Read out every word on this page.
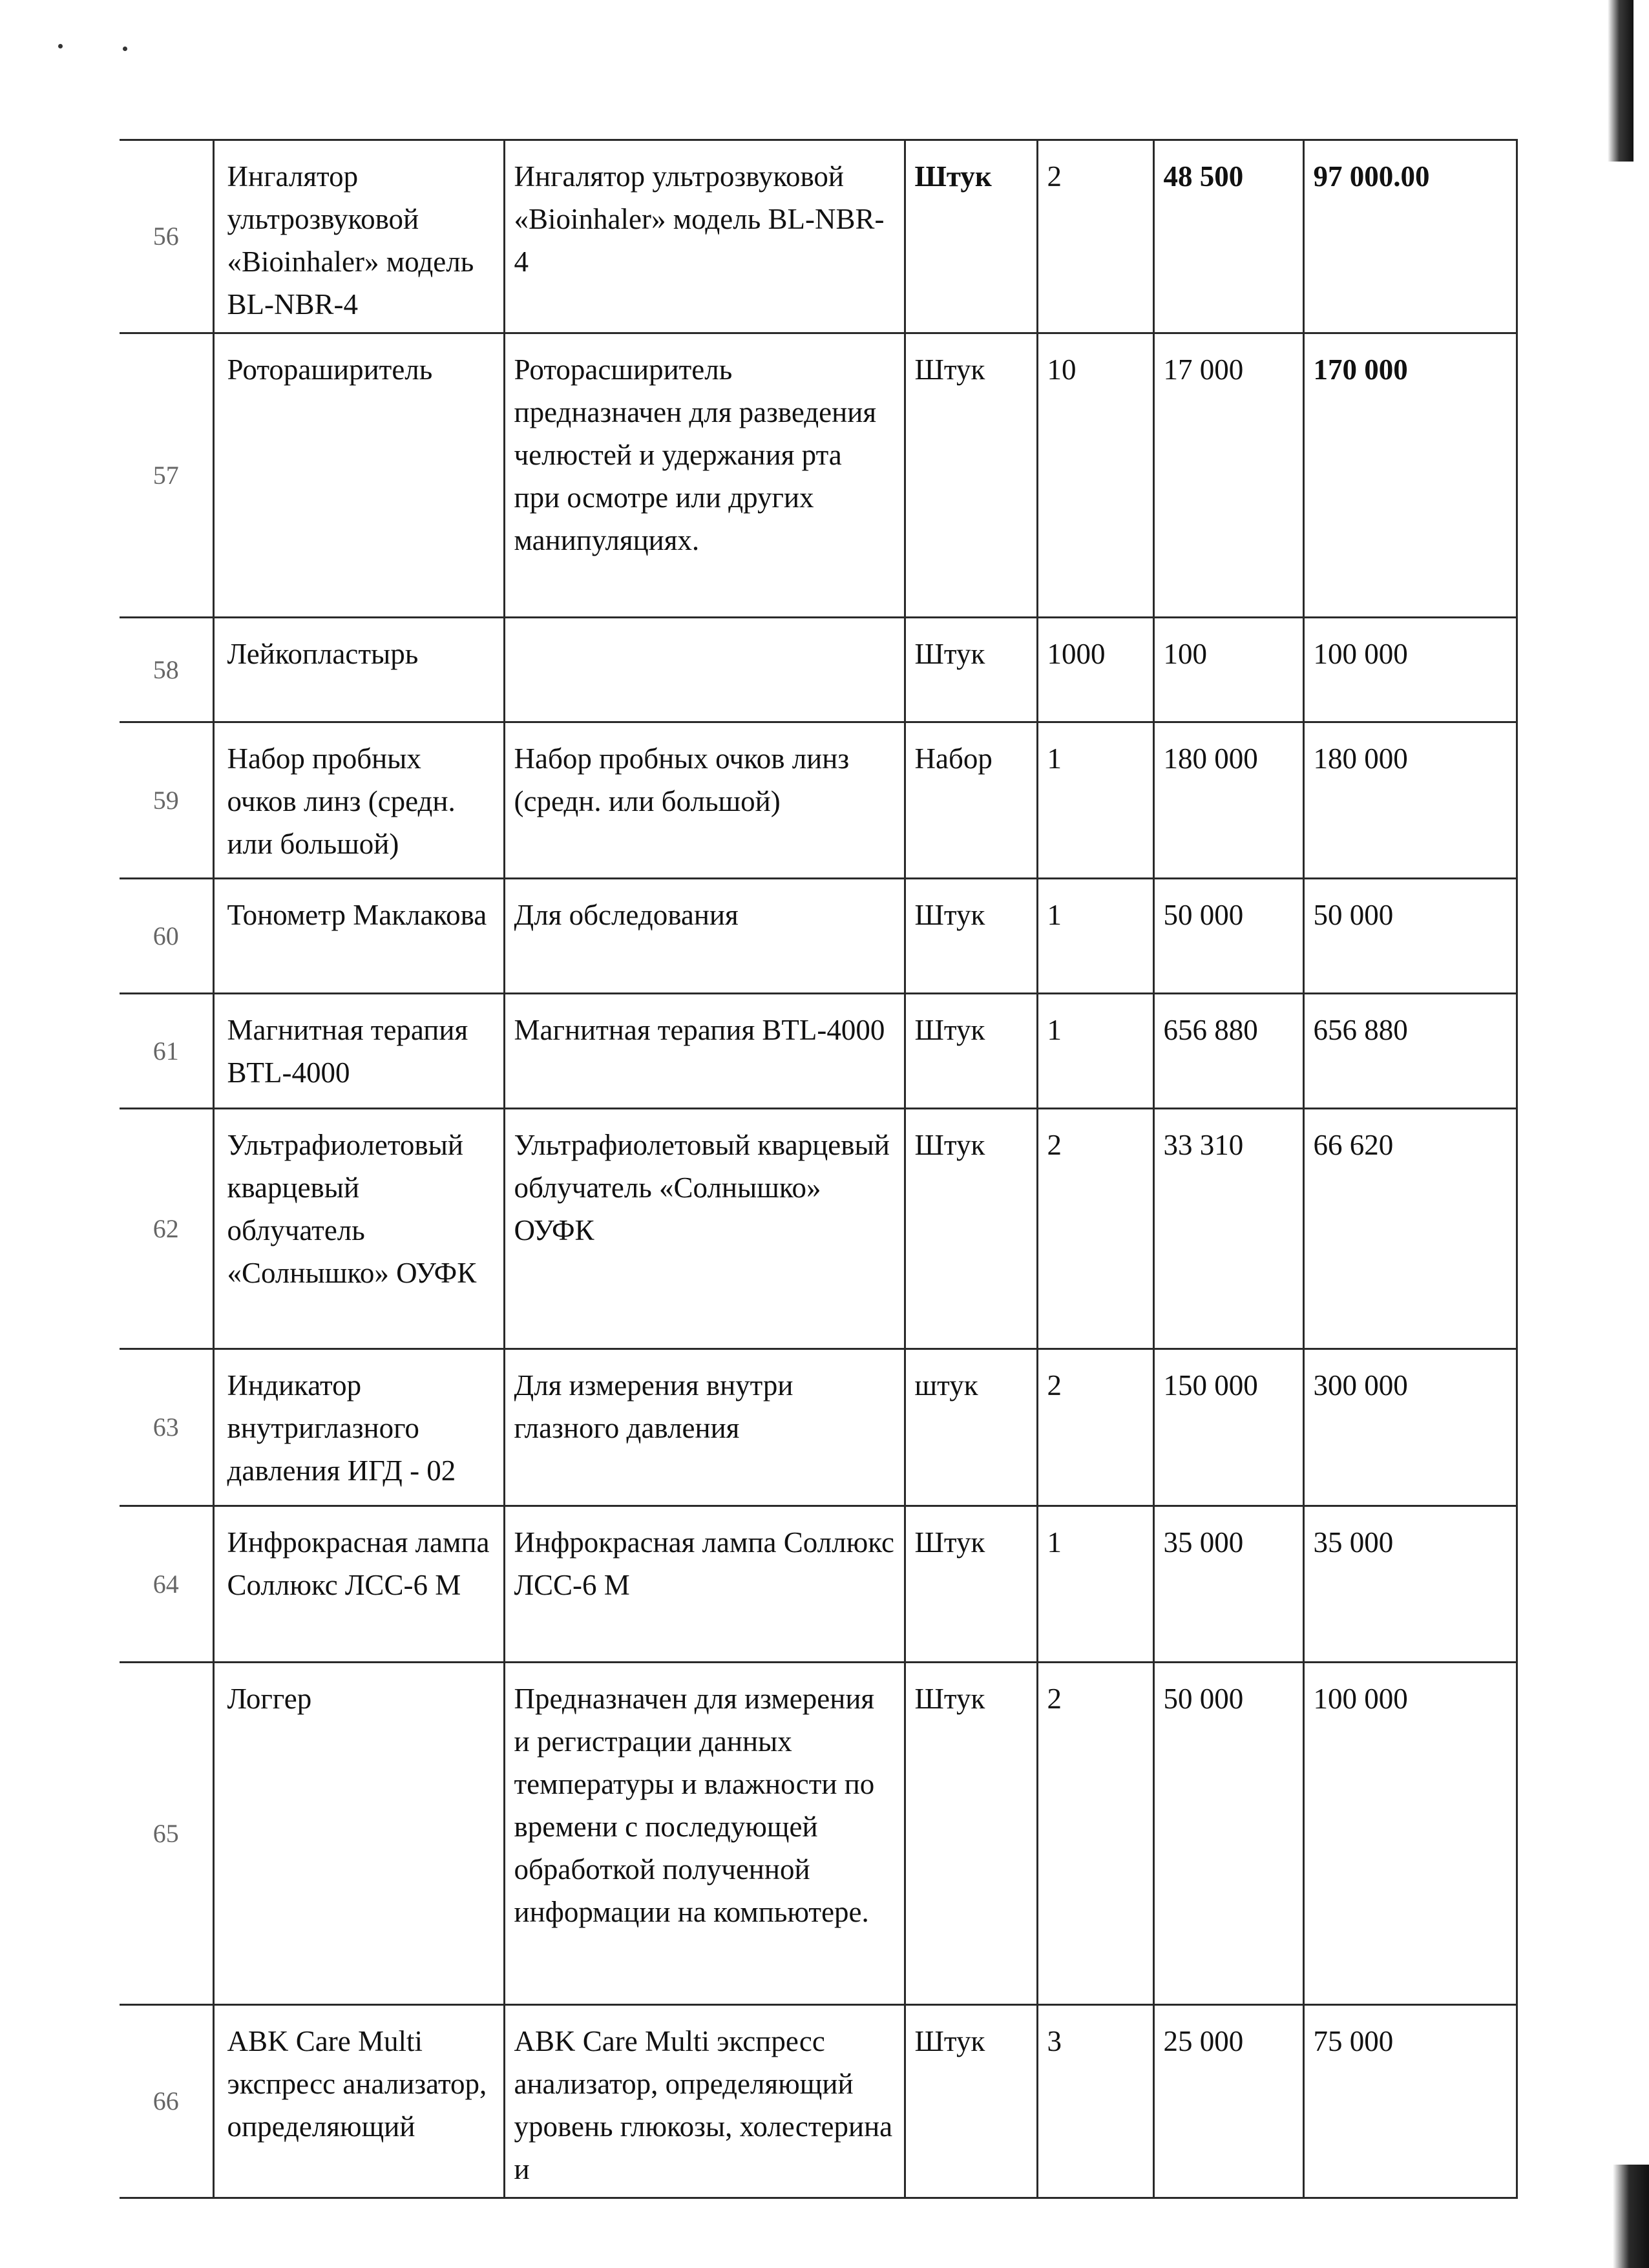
56	Ингалятор ультрозвуковой «Bioinhaler» модель BL-NBR-4	Ингалятор ультрозвуковой «Bioinhaler» модель BL-NBR-4	Штук	2	48 500	97 000.00
57	Ротораширитель	Роторасширитель предназначен для разведения челюстей и удержания рта при осмотре или других манипуляциях.	Штук	10	17 000	170 000
58	Лейкопластырь		Штук	1000	100	100 000
59	Набор пробных очков линз (средн. или большой)	Набор пробных очков линз (средн. или большой)	Набор	1	180 000	180 000
60	Тонометр Маклакова	Для обследования	Штук	1	50 000	50 000
61	Магнитная терапия BTL-4000	Магнитная терапия BTL-4000	Штук	1	656 880	656 880
62	Ультрафиолетовый кварцевый облучатель «Солнышко» ОУФК	Ультрафиолетовый кварцевый облучатель «Солнышко» ОУФК	Штук	2	33 310	66 620
63	Индикатор внутриглазного давления ИГД - 02	Для измерения внутри глазного давления	штук	2	150 000	300 000
64	Инфрокрасная лампа Соллюкс ЛСС-6 М	Инфрокрасная лампа Соллюкс ЛСС-6 М	Штук	1	35 000	35 000
65	Логгер	Предназначен для измерения и регистрации данных температуры и влажности по времени с последующей обработкой полученной информации на компьютере.	Штук	2	50 000	100 000
66	ABK Care Multi экспресс анализатор, определяющий	ABK Care Multi экспресс анализатор, определяющий уровень глюкозы, холестерина и	Штук	3	25 000	75 000
